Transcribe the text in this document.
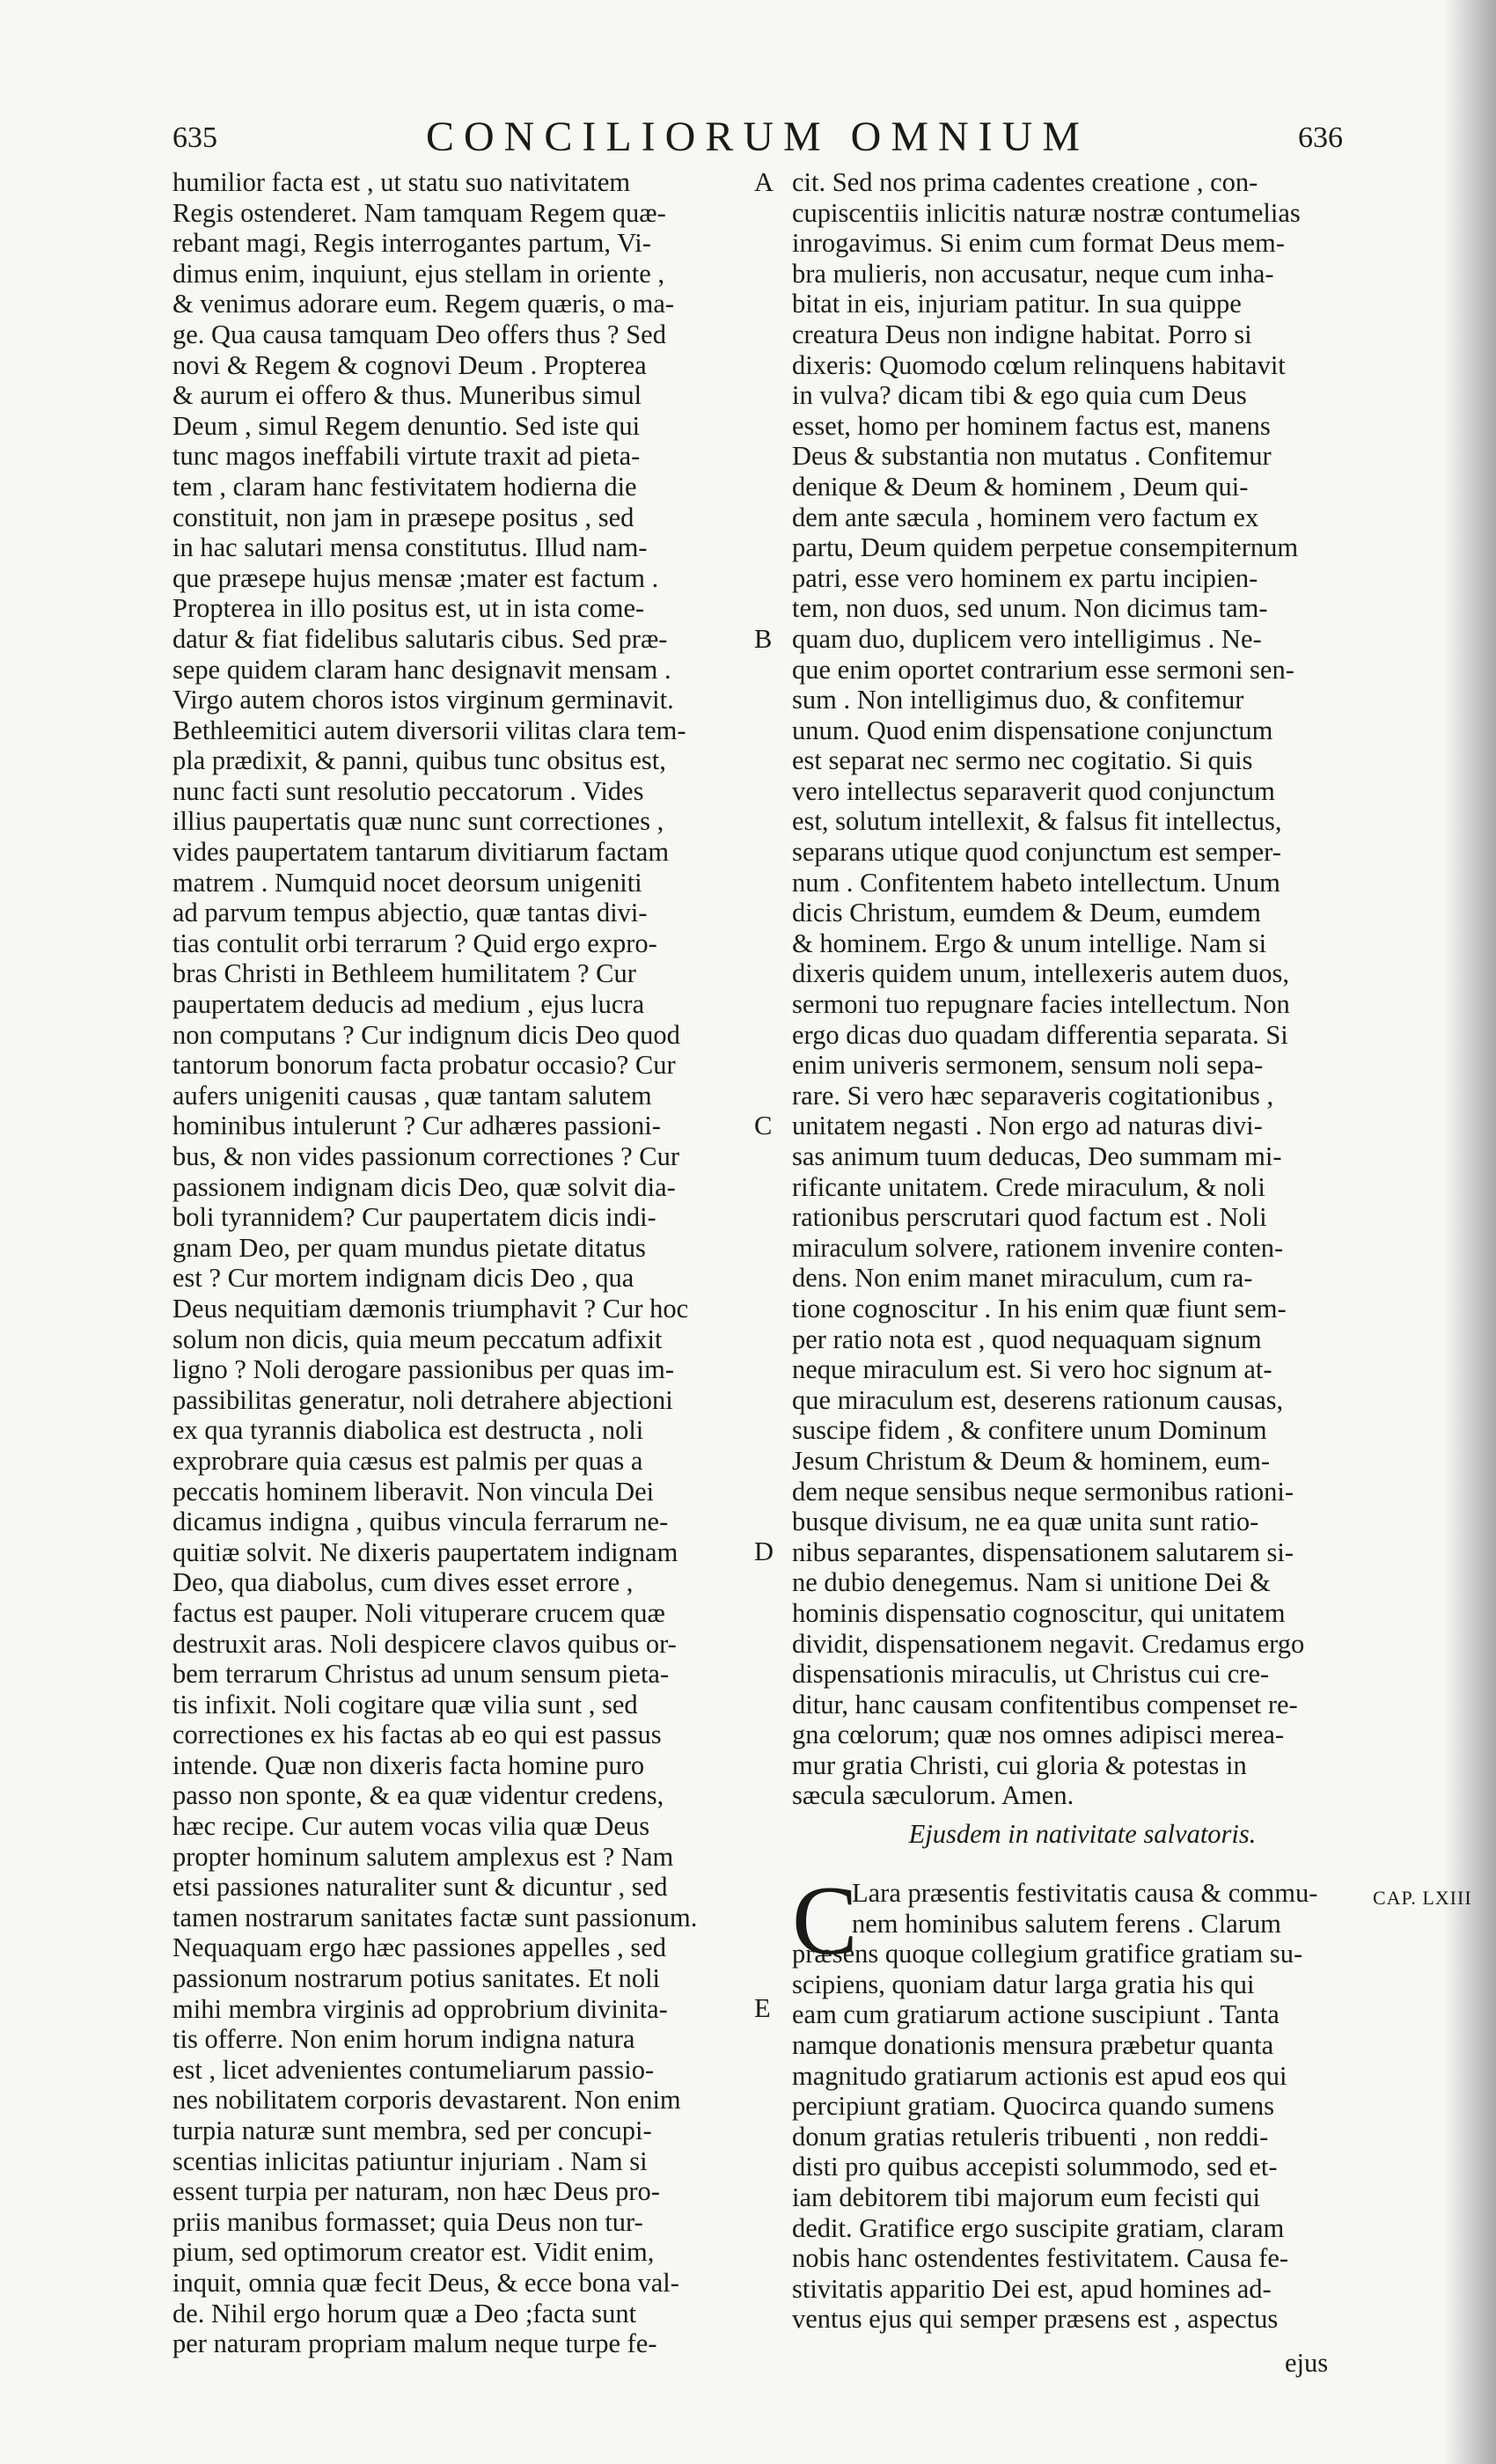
635	CONCILIORUM OMNIUM	636
humilior facta est , ut statu suo nativitatem
Regis ostenderet. Nam tamquam Regem quæ-
rebant magi, Regis interrogantes partum, Vi-
dimus enim, inquiunt, ejus stellam in oriente ,
& venimus adorare eum. Regem quæris, o ma-
ge. Qua causa tamquam Deo offers thus ? Sed
novi & Regem & cognovi Deum . Propterea
& aurum ei offero & thus. Muneribus simul
Deum , simul Regem denuntio. Sed iste qui
tunc magos ineffabili virtute traxit ad pieta-
tem , claram hanc festivitatem hodierna die
constituit, non jam in præsepe positus , sed
in hac salutari mensa constitutus. Illud nam-
que præsepe hujus mensæ ;mater est factum .
Propterea in illo positus est, ut in ista come-
datur & fiat fidelibus salutaris cibus. Sed præ-
sepe quidem claram hanc designavit mensam .
Virgo autem choros istos virginum germinavit.
Bethleemitici autem diversorii vilitas clara tem-
pla prædixit, & panni, quibus tunc obsitus est,
nunc facti sunt resolutio peccatorum . Vides
illius paupertatis quæ nunc sunt correctiones ,
vides paupertatem tantarum divitiarum factam
matrem . Numquid nocet deorsum unigeniti
ad parvum tempus abjectio, quæ tantas divi-
tias contulit orbi terrarum ? Quid ergo expro-
bras Christi in Bethleem humilitatem ? Cur
paupertatem deducis ad medium , ejus lucra
non computans ? Cur indignum dicis Deo quod
tantorum bonorum facta probatur occasio? Cur
aufers unigeniti causas , quæ tantam salutem
hominibus intulerunt ? Cur adhæres passioni-
bus, & non vides passionum correctiones ? Cur
passionem indignam dicis Deo, quæ solvit dia-
boli tyrannidem? Cur paupertatem dicis indi-
gnam Deo, per quam mundus pietate ditatus
est ? Cur mortem indignam dicis Deo , qua
Deus nequitiam dæmonis triumphavit ? Cur hoc
solum non dicis, quia meum peccatum adfixit
ligno ? Noli derogare passionibus per quas im-
passibilitas generatur, noli detrahere abjectioni
ex qua tyrannis diabolica est destructa , noli
exprobrare quia cæsus est palmis per quas a
peccatis hominem liberavit. Non vincula Dei
dicamus indigna , quibus vincula ferrarum ne-
quitiæ solvit. Ne dixeris paupertatem indignam
Deo, qua diabolus, cum dives esset errore ,
factus est pauper. Noli vituperare crucem quæ
destruxit aras. Noli despicere clavos quibus or-
bem terrarum Christus ad unum sensum pieta-
tis infixit. Noli cogitare quæ vilia sunt , sed
correctiones ex his factas ab eo qui est passus
intende. Quæ non dixeris facta homine puro
passo non sponte, & ea quæ videntur credens,
hæc recipe. Cur autem vocas vilia quæ Deus
propter hominum salutem amplexus est ? Nam
etsi passiones naturaliter sunt & dicuntur , sed
tamen nostrarum sanitates factæ sunt passionum.
Nequaquam ergo hæc passiones appelles , sed
passionum nostrarum potius sanitates. Et noli
mihi membra virginis ad opprobrium divinita-
tis offerre. Non enim horum indigna natura
est , licet advenientes contumeliarum passio-
nes nobilitatem corporis devastarent. Non enim
turpia naturæ sunt membra, sed per concupi-
scentias inlicitas patiuntur injuriam . Nam si
essent turpia per naturam, non hæc Deus pro-
priis manibus formasset; quia Deus non tur-
pium, sed optimorum creator est. Vidit enim,
inquit, omnia quæ fecit Deus, & ecce bona val-
de. Nihil ergo horum quæ a Deo ;facta sunt
per naturam propriam malum neque turpe fe-
cit. Sed nos prima cadentes creatione , con-
cupiscentiis inlicitis naturæ nostræ contumelias
inrogavimus. Si enim cum format Deus mem-
bra mulieris, non accusatur, neque cum inha-
bitat in eis, injuriam patitur. In sua quippe
creatura Deus non indigne habitat. Porro si
dixeris: Quomodo cœlum relinquens habitavit
in vulva? dicam tibi & ego quia cum Deus
esset, homo per hominem factus est, manens
Deus & substantia non mutatus . Confitemur
denique & Deum & hominem , Deum qui-
dem ante sæcula , hominem vero factum ex
partu, Deum quidem perpetue consempiternum
patri, esse vero hominem ex partu incipien-
tem, non duos, sed unum. Non dicimus tam-
quam duo, duplicem vero intelligimus . Ne-
que enim oportet contrarium esse sermoni sen-
sum . Non intelligimus duo, & confitemur
unum. Quod enim dispensatione conjunctum
est separat nec sermo nec cogitatio. Si quis
vero intellectus separaverit quod conjunctum
est, solutum intellexit, & falsus fit intellectus,
separans utique quod conjunctum est semper-
num . Confitentem habeto intellectum. Unum
dicis Christum, eumdem & Deum, eumdem
& hominem. Ergo & unum intellige. Nam si
dixeris quidem unum, intellexeris autem duos,
sermoni tuo repugnare facies intellectum. Non
ergo dicas duo quadam differentia separata. Si
enim univeris sermonem, sensum noli sepa-
rare. Si vero hæc separaveris cogitationibus ,
unitatem negasti . Non ergo ad naturas divi-
sas animum tuum deducas, Deo summam mi-
rificante unitatem. Crede miraculum, & noli
rationibus perscrutari quod factum est . Noli
miraculum solvere, rationem invenire conten-
dens. Non enim manet miraculum, cum ra-
tione cognoscitur . In his enim quæ fiunt sem-
per ratio nota est , quod nequaquam signum
neque miraculum est. Si vero hoc signum at-
que miraculum est, deserens rationum causas,
suscipe fidem , & confitere unum Dominum
Jesum Christum & Deum & hominem, eum-
dem neque sensibus neque sermonibus rationi-
busque divisum, ne ea quæ unita sunt ratio-
nibus separantes, dispensationem salutarem si-
ne dubio denegemus. Nam si unitione Dei &
hominis dispensatio cognoscitur, qui unitatem
dividit, dispensationem negavit. Credamus ergo
dispensationis miraculis, ut Christus cui cre-
ditur, hanc causam confitentibus compenset re-
gna cœlorum; quæ nos omnes adipisci merea-
mur gratia Christi, cui gloria & potestas in
sæcula sæculorum. Amen.
A
B
C
D
E
Ejusdem in nativitate salvatoris.
C	CAP. LXIII
Lara præsentis festivitatis causa & commu-
nem hominibus salutem ferens . Clarum
præsens quoque collegium gratifice gratiam su-
scipiens, quoniam datur larga gratia his qui
eam cum gratiarum actione suscipiunt . Tanta
namque donationis mensura præbetur quanta
magnitudo gratiarum actionis est apud eos qui
percipiunt gratiam. Quocirca quando sumens
donum gratias retuleris tribuenti , non reddi-
disti pro quibus accepisti solummodo, sed et-
iam debitorem tibi majorum eum fecisti qui
dedit. Gratifice ergo suscipite gratiam, claram
nobis hanc ostendentes festivitatem. Causa fe-
stivitatis apparitio Dei est, apud homines ad-
ventus ejus qui semper præsens est , aspectus
ejus
